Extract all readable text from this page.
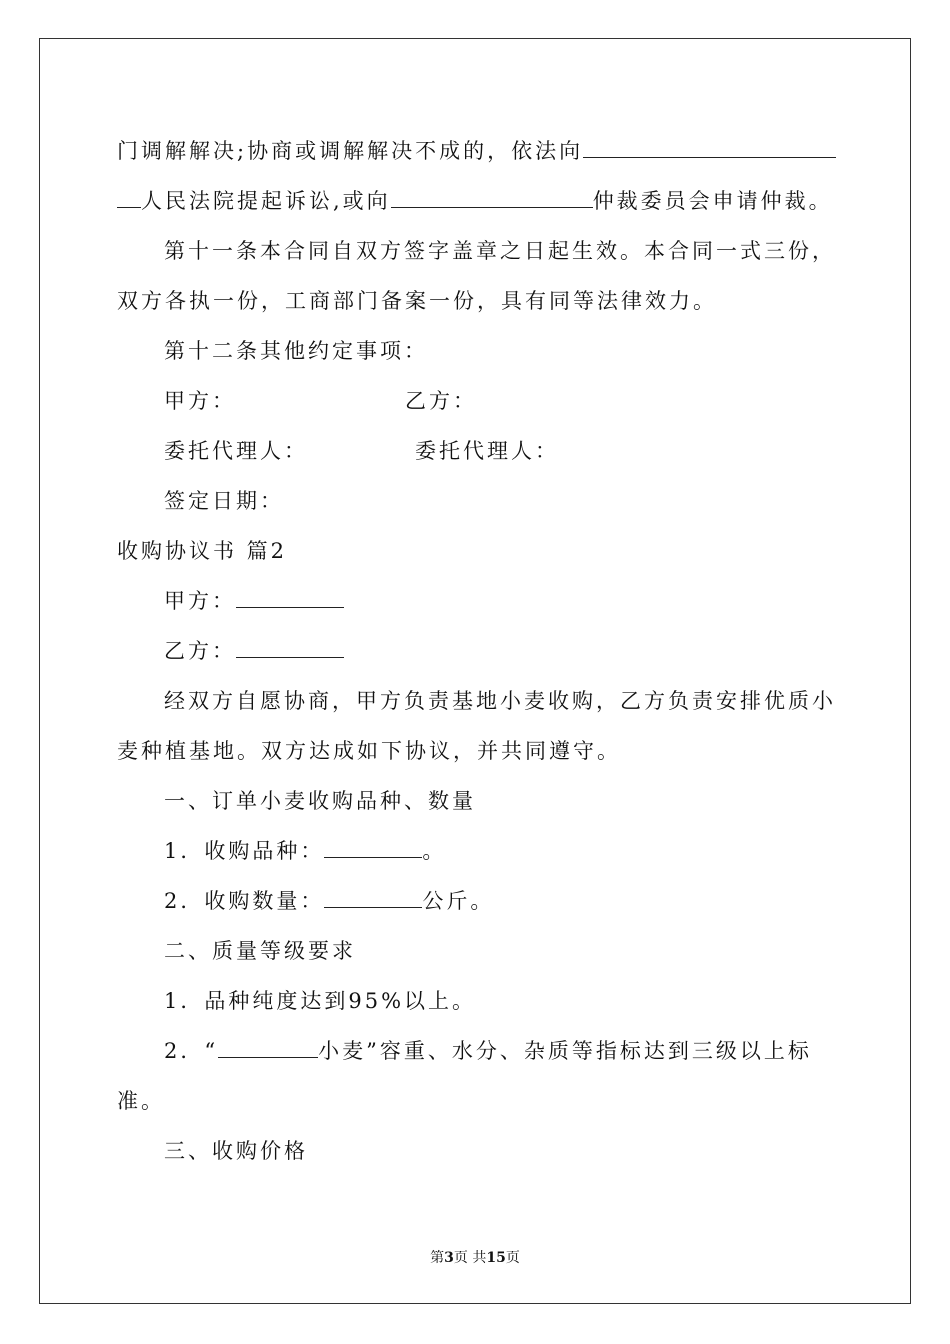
门调解解决;协商或调解解决不成的，依法向
人民法院提起诉讼,或向	仲裁委员会申请仲裁。
第十一条本合同自双方签字盖章之日起生效。本合同一式三份，
双方各执一份，工商部门备案一份，具有同等法律效力。
第十二条其他约定事项：
甲方：	乙方：
委托代理人：	委托代理人：
签定日期：
收购协议书 篇2
甲方：
乙方：
经双方自愿协商，甲方负责基地小麦收购，乙方负责安排优质小
麦种植基地。双方达成如下协议，并共同遵守。
一、订单小麦收购品种、数量
1．收购品种：	。
2．收购数量：	公斤。
二、质量等级要求
1．品种纯度达到95%以上。
2．“	小麦”容重、水分、杂质等指标达到三级以上标
准。
三、收购价格
第3页 共15页
